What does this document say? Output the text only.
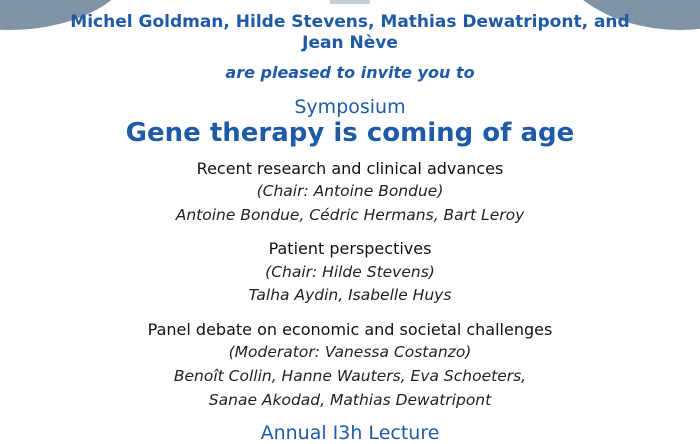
Michel Goldman, Hilde Stevens, Mathias Dewatripont, and Jean Nève
are pleased to invite you to
Symposium
Gene therapy is coming of age
Recent research and clinical advances
(Chair: Antoine Bondue)
Antoine Bondue, Cédric Hermans, Bart Leroy
Patient perspectives
(Chair: Hilde Stevens)
Talha Aydin, Isabelle Huys
Panel debate on economic and societal challenges
(Moderator: Vanessa Costanzo)
Benoît Collin, Hanne Wauters, Eva Schoeters,
Sanae Akodad, Mathias Dewatripont
Annual I3h Lecture
